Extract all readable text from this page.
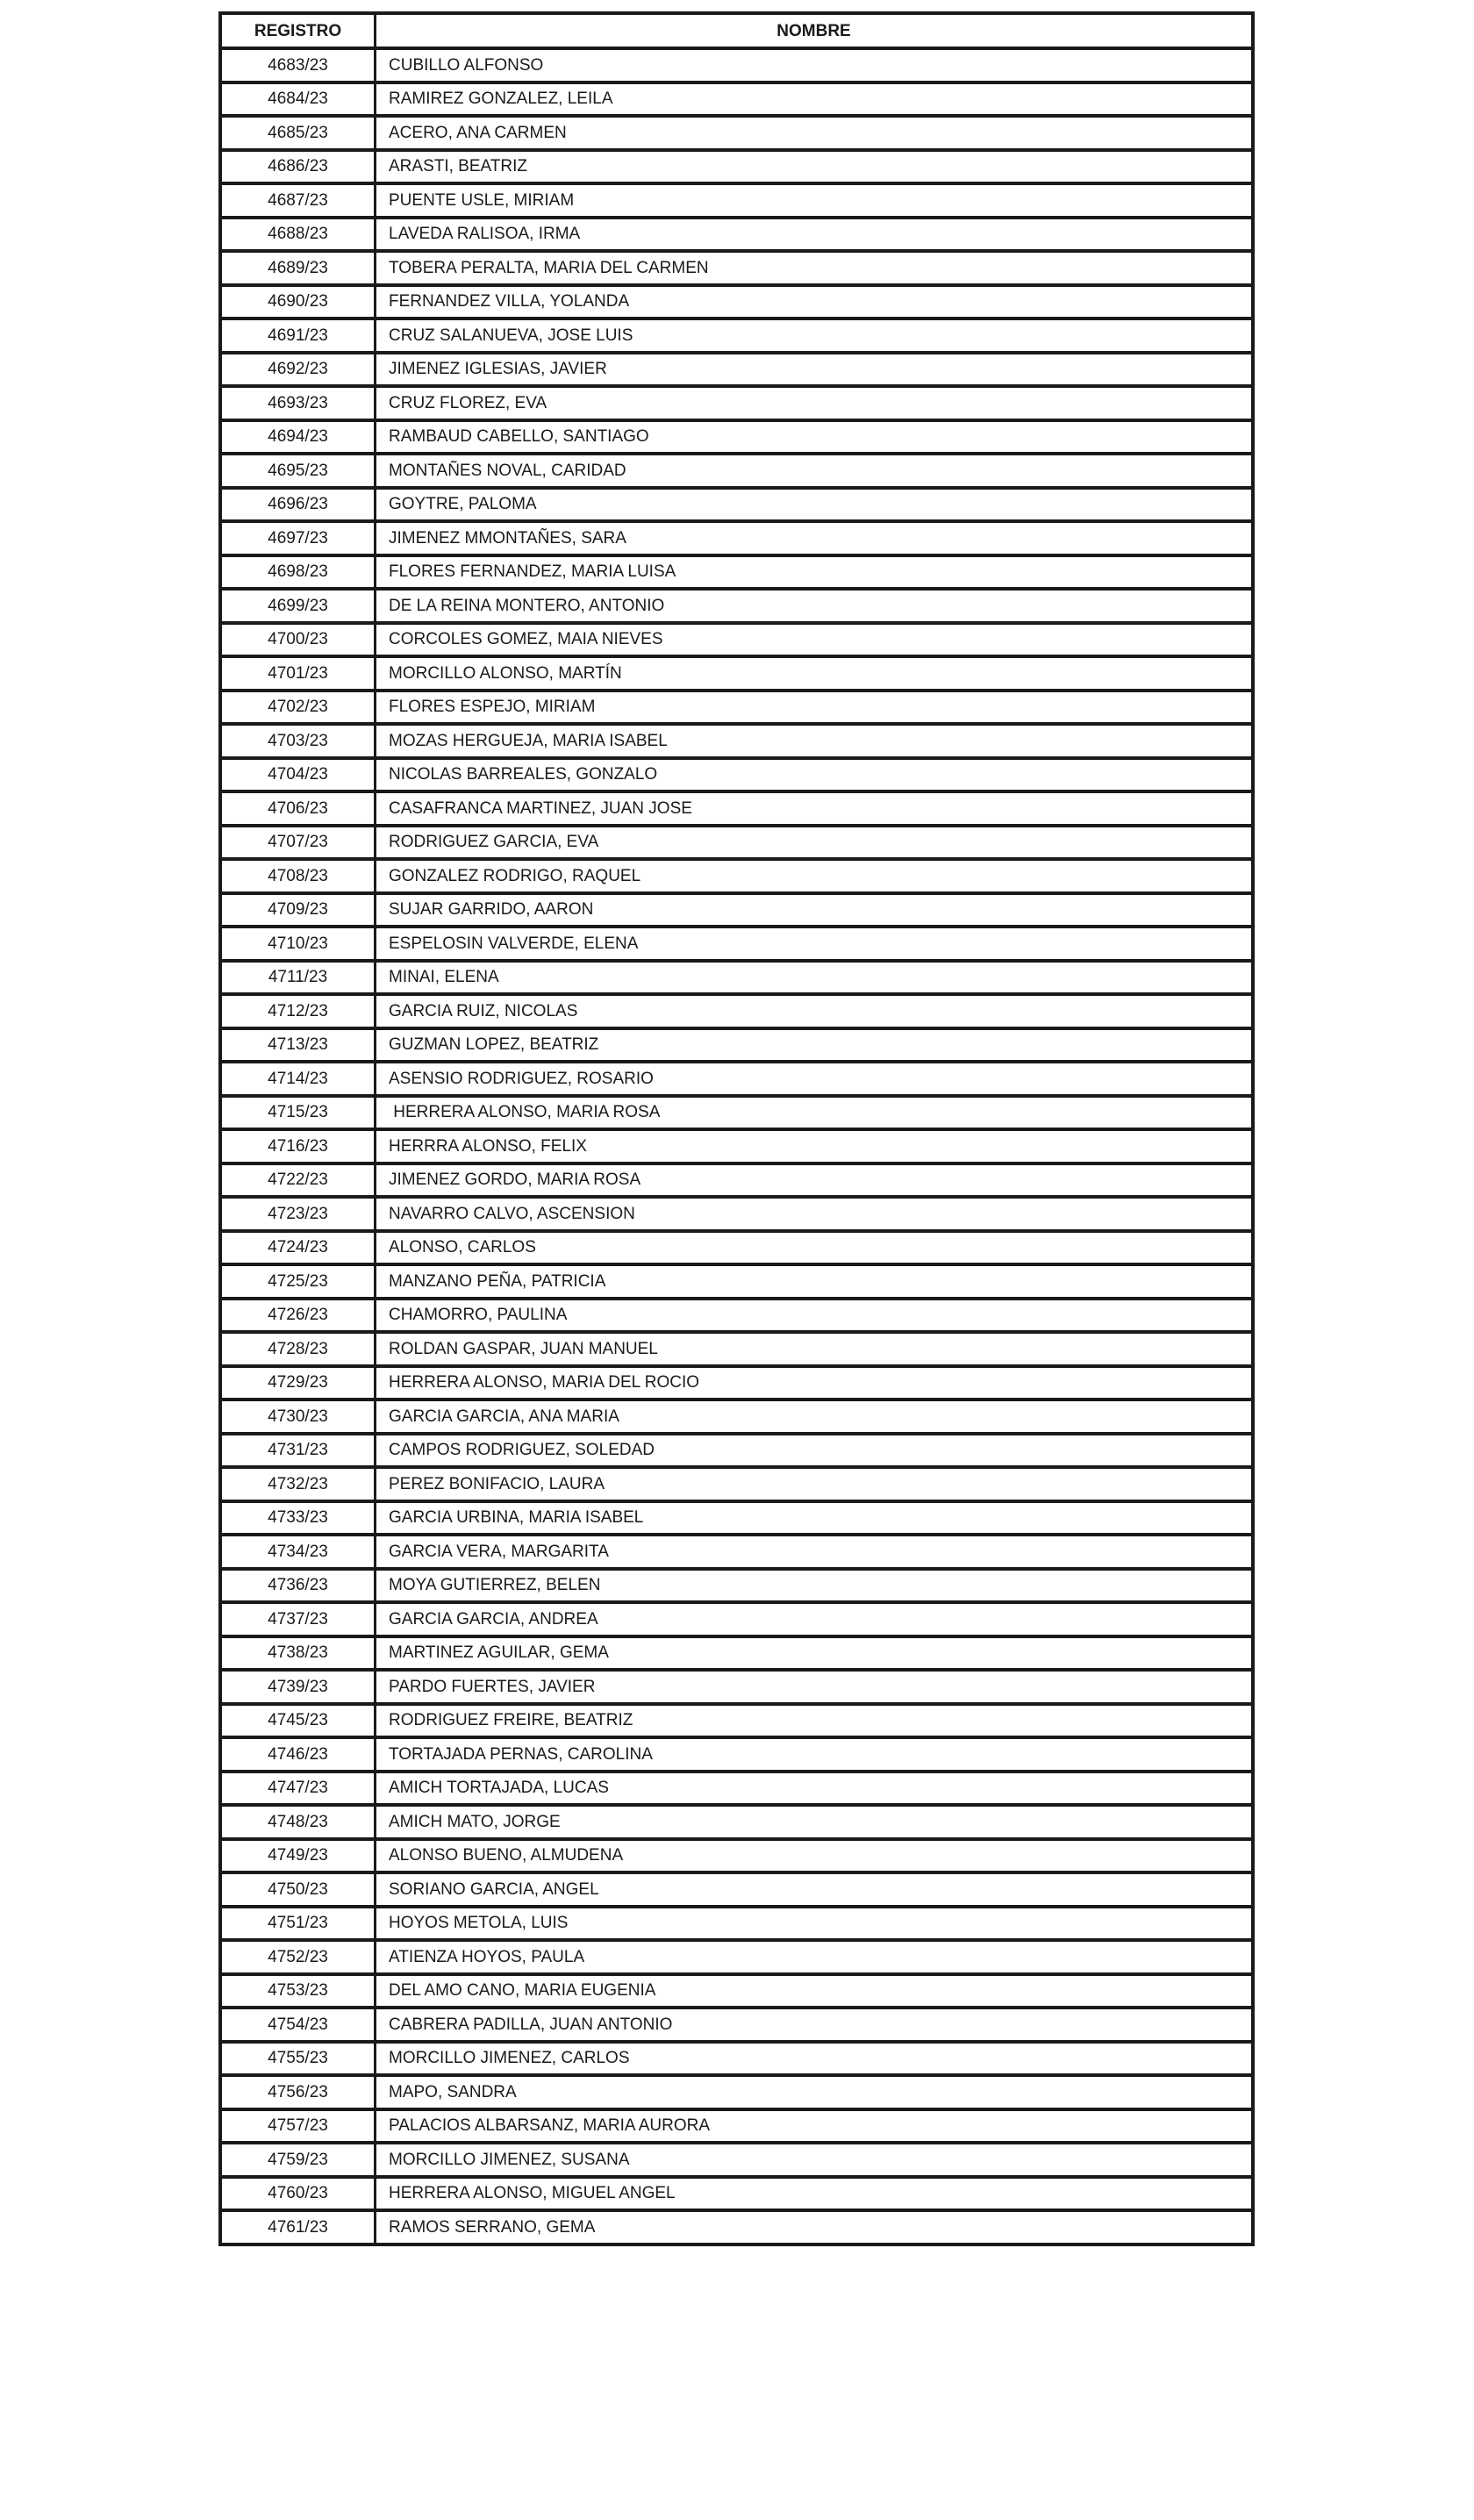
REGISTRO	NOMBRE
4683/23	CUBILLO ALFONSO
4684/23	RAMIREZ GONZALEZ, LEILA
4685/23	ACERO, ANA CARMEN
4686/23	ARASTI, BEATRIZ
4687/23	PUENTE USLE, MIRIAM
4688/23	LAVEDA RALISOA, IRMA
4689/23	TOBERA PERALTA, MARIA DEL CARMEN
4690/23	FERNANDEZ VILLA, YOLANDA
4691/23	CRUZ SALANUEVA, JOSE LUIS
4692/23	JIMENEZ IGLESIAS, JAVIER
4693/23	CRUZ FLOREZ, EVA
4694/23	RAMBAUD CABELLO, SANTIAGO
4695/23	MONTAÑES NOVAL, CARIDAD
4696/23	GOYTRE, PALOMA
4697/23	JIMENEZ MMONTAÑES, SARA
4698/23	FLORES FERNANDEZ, MARIA LUISA
4699/23	DE LA REINA MONTERO, ANTONIO
4700/23	CORCOLES GOMEZ, MAIA NIEVES
4701/23	MORCILLO ALONSO, MARTÍN
4702/23	FLORES ESPEJO, MIRIAM
4703/23	MOZAS HERGUEJA, MARIA ISABEL
4704/23	NICOLAS BARREALES, GONZALO
4706/23	CASAFRANCA MARTINEZ, JUAN JOSE
4707/23	RODRIGUEZ GARCIA, EVA
4708/23	GONZALEZ RODRIGO, RAQUEL
4709/23	SUJAR GARRIDO, AARON
4710/23	ESPELOSIN VALVERDE, ELENA
4711/23	MINAI, ELENA
4712/23	GARCIA RUIZ, NICOLAS
4713/23	GUZMAN LOPEZ, BEATRIZ
4714/23	ASENSIO RODRIGUEZ, ROSARIO
4715/23	HERRERA ALONSO, MARIA ROSA
4716/23	HERRRA ALONSO, FELIX
4722/23	JIMENEZ GORDO, MARIA ROSA
4723/23	NAVARRO CALVO, ASCENSION
4724/23	ALONSO, CARLOS
4725/23	MANZANO PEÑA, PATRICIA
4726/23	CHAMORRO, PAULINA
4728/23	ROLDAN GASPAR, JUAN MANUEL
4729/23	HERRERA ALONSO, MARIA DEL ROCIO
4730/23	GARCIA GARCIA, ANA MARIA
4731/23	CAMPOS RODRIGUEZ, SOLEDAD
4732/23	PEREZ BONIFACIO, LAURA
4733/23	GARCIA URBINA, MARIA ISABEL
4734/23	GARCIA VERA, MARGARITA
4736/23	MOYA GUTIERREZ, BELEN
4737/23	GARCIA GARCIA, ANDREA
4738/23	MARTINEZ AGUILAR, GEMA
4739/23	PARDO FUERTES, JAVIER
4745/23	RODRIGUEZ FREIRE, BEATRIZ
4746/23	TORTAJADA PERNAS, CAROLINA
4747/23	AMICH TORTAJADA, LUCAS
4748/23	AMICH MATO, JORGE
4749/23	ALONSO BUENO, ALMUDENA
4750/23	SORIANO GARCIA, ANGEL
4751/23	HOYOS METOLA, LUIS
4752/23	ATIENZA HOYOS, PAULA
4753/23	DEL AMO CANO, MARIA EUGENIA
4754/23	CABRERA PADILLA, JUAN ANTONIO
4755/23	MORCILLO JIMENEZ, CARLOS
4756/23	MAPO, SANDRA
4757/23	PALACIOS ALBARSANZ, MARIA AURORA
4759/23	MORCILLO JIMENEZ, SUSANA
4760/23	HERRERA ALONSO, MIGUEL ANGEL
4761/23	RAMOS SERRANO, GEMA
